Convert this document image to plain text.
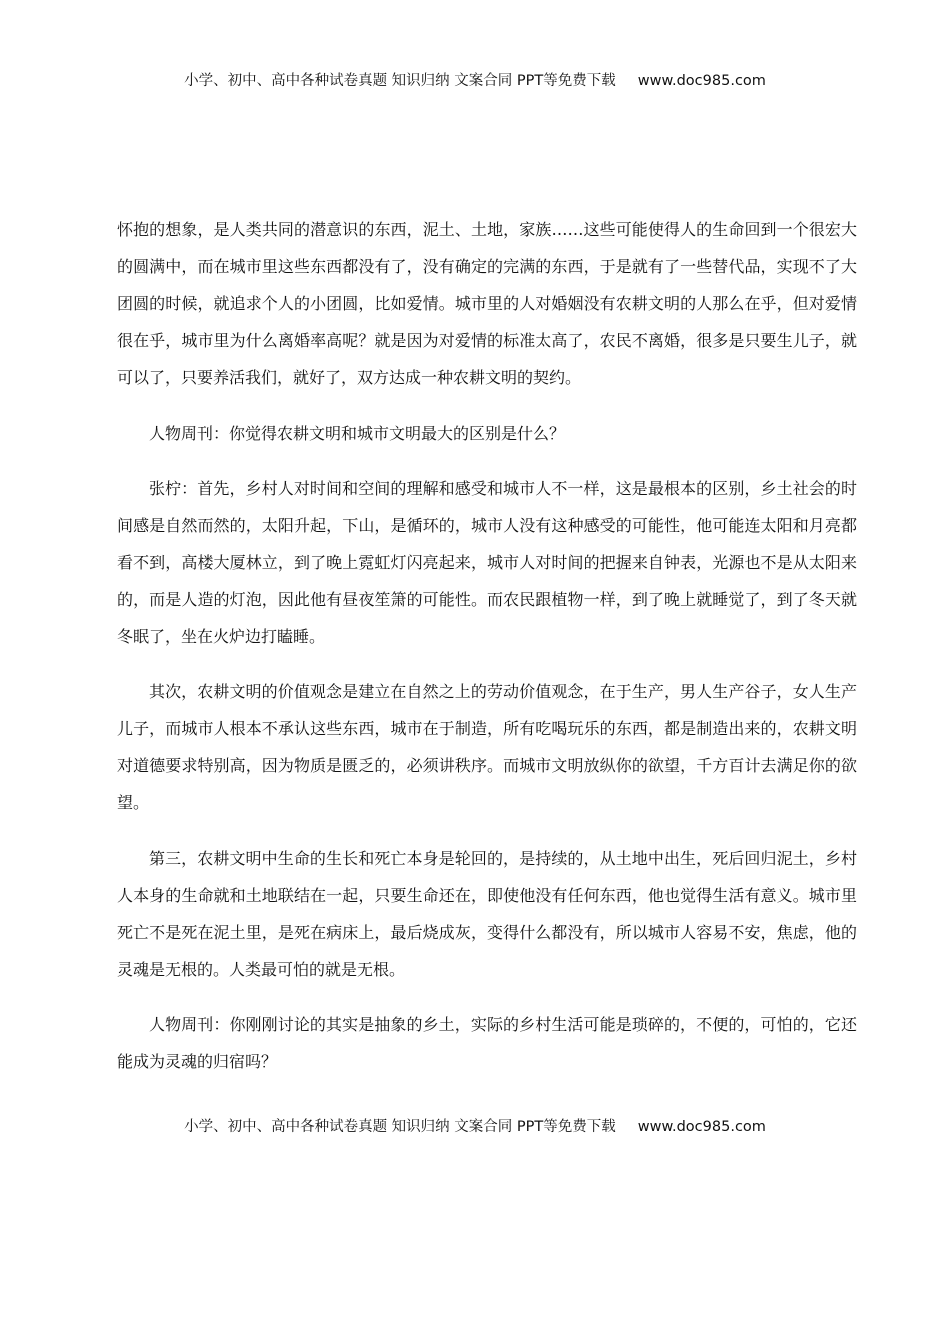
小学、初中、高中各种试卷真题 知识归纳 文案合同 PPT等免费下载 www.doc985.com
怀抱的想象，是人类共同的潜意识的东西，泥土、土地，家族……这些可能使得人的生命回到一个很宏大
的圆满中，而在城市里这些东西都没有了，没有确定的完满的东西，于是就有了一些替代品，实现不了大
团圆的时候，就追求个人的小团圆，比如爱情。城市里的人对婚姻没有农耕文明的人那么在乎，但对爱情
很在乎，城市里为什么离婚率高呢？就是因为对爱情的标准太高了，农民不离婚，很多是只要生儿子，就
可以了，只要养活我们，就好了，双方达成一种农耕文明的契约。
人物周刊：你觉得农耕文明和城市文明最大的区别是什么？
张柠：首先，乡村人对时间和空间的理解和感受和城市人不一样，这是最根本的区别，乡土社会的时
间感是自然而然的，太阳升起，下山，是循环的，城市人没有这种感受的可能性，他可能连太阳和月亮都
看不到，高楼大厦林立，到了晚上霓虹灯闪亮起来，城市人对时间的把握来自钟表，光源也不是从太阳来
的，而是人造的灯泡，因此他有昼夜笙箫的可能性。而农民跟植物一样，到了晚上就睡觉了，到了冬天就
冬眠了，坐在火炉边打瞌睡。
其次，农耕文明的价值观念是建立在自然之上的劳动价值观念，在于生产，男人生产谷子，女人生产
儿子，而城市人根本不承认这些东西，城市在于制造，所有吃喝玩乐的东西，都是制造出来的，农耕文明
对道德要求特别高，因为物质是匮乏的，必须讲秩序。而城市文明放纵你的欲望，千方百计去满足你的欲
望。
第三，农耕文明中生命的生长和死亡本身是轮回的，是持续的，从土地中出生，死后回归泥土，乡村
人本身的生命就和土地联结在一起，只要生命还在，即使他没有任何东西，他也觉得生活有意义。城市里
死亡不是死在泥土里，是死在病床上，最后烧成灰，变得什么都没有，所以城市人容易不安，焦虑，他的
灵魂是无根的。人类最可怕的就是无根。
人物周刊：你刚刚讨论的其实是抽象的乡土，实际的乡村生活可能是琐碎的，不便的，可怕的，它还
能成为灵魂的归宿吗？
小学、初中、高中各种试卷真题 知识归纳 文案合同 PPT等免费下载 www.doc985.com
